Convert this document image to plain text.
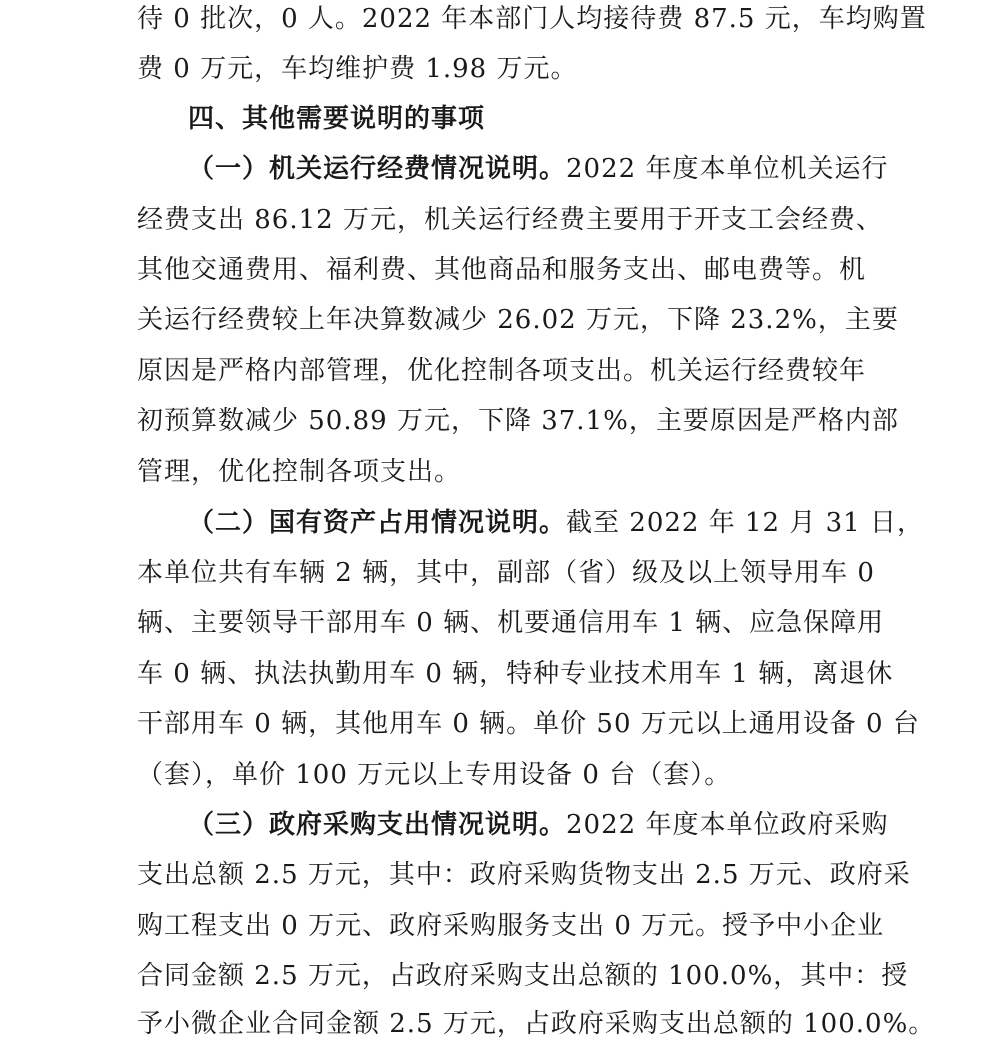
待 0 批次，0 人。2022 年本部门人均接待费 87.5 元，车均购置
费 0 万元，车均维护费 1.98 万元。
四、其他需要说明的事项
（一）机关运行经费情况说明。2022 年度本单位机关运行
经费支出 86.12 万元，机关运行经费主要用于开支工会经费、
其他交通费用、福利费、其他商品和服务支出、邮电费等。机
关运行经费较上年决算数减少 26.02 万元，下降 23.2%，主要
原因是严格内部管理，优化控制各项支出。机关运行经费较年
初预算数减少 50.89 万元，下降 37.1%，主要原因是严格内部
管理，优化控制各项支出。
（二）国有资产占用情况说明。截至 2022 年 12 月 31 日，
本单位共有车辆 2 辆，其中，副部（省）级及以上领导用车 0
辆、主要领导干部用车 0 辆、机要通信用车 1 辆、应急保障用
车 0 辆、执法执勤用车 0 辆，特种专业技术用车 1 辆，离退休
干部用车 0 辆，其他用车 0 辆。单价 50 万元以上通用设备 0 台
（套），单价 100 万元以上专用设备 0 台（套）。
（三）政府采购支出情况说明。2022 年度本单位政府采购
支出总额 2.5 万元，其中：政府采购货物支出 2.5 万元、政府采
购工程支出 0 万元、政府采购服务支出 0 万元。授予中小企业
合同金额 2.5 万元，占政府采购支出总额的 100.0%，其中：授
予小微企业合同金额 2.5 万元，占政府采购支出总额的 100.0%。
